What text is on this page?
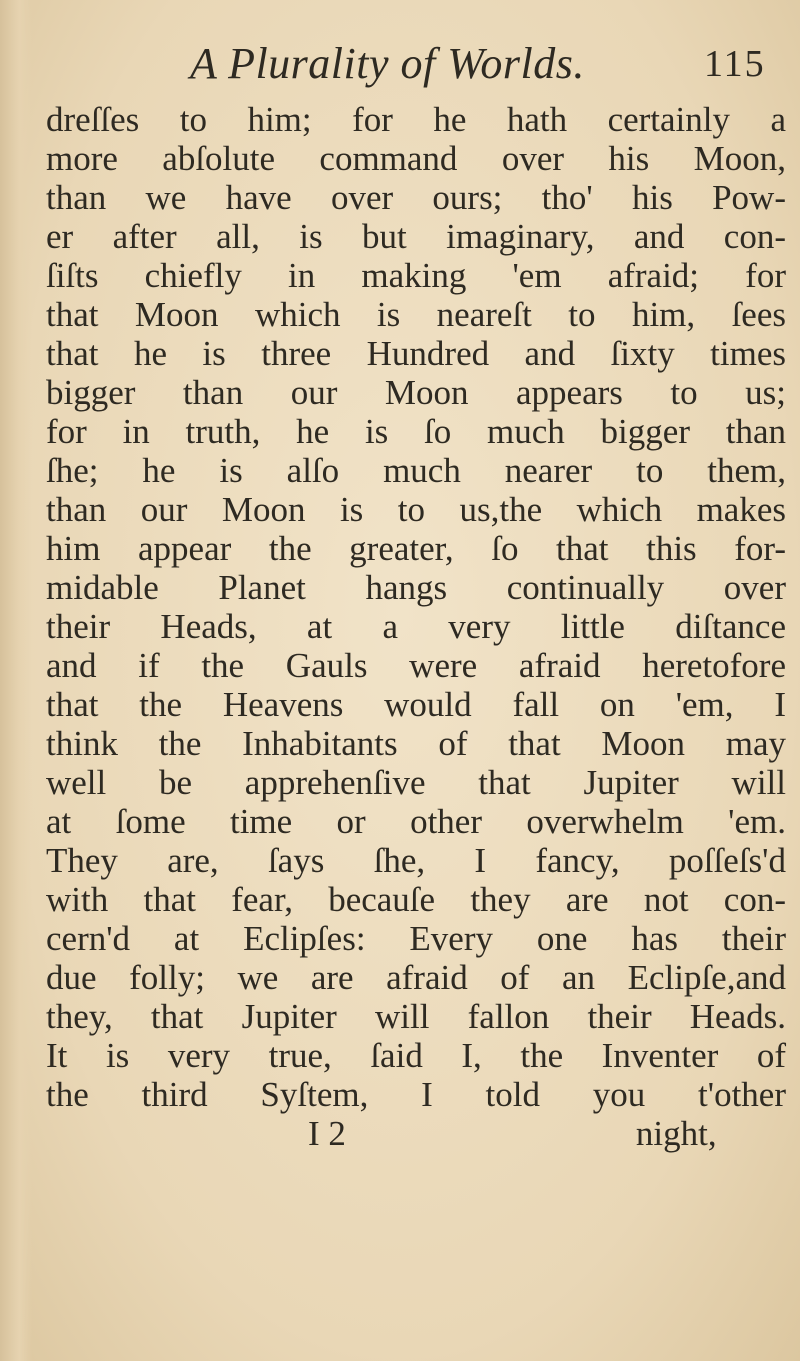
A Plurality of Worlds.	115
dreſſes to him; for he hath certainly a
more abſolute command over his Moon,
than we have over ours; tho' his Pow-
er after all, is but imaginary, and con-
ſiſts chiefly in making 'em afraid; for
that Moon which is neareſt to him, ſees
that he is three Hundred and ſixty times
bigger than our Moon appears to us;
for in truth, he is ſo much bigger than
ſhe; he is alſo much nearer to them,
than our Moon is to us,the which makes
him appear the greater, ſo that this for-
midable Planet hangs continually over
their Heads, at a very little diſtance
and if the Gauls were afraid heretofore
that the Heavens would fall on 'em, I
think the Inhabitants of that Moon may
well be apprehenſive that Jupiter will
at ſome time or other overwhelm 'em.
They are, ſays ſhe, I fancy, poſſeſs'd
with that fear, becauſe they are not con-
cern'd at Eclipſes: Every one has their
due folly; we are afraid of an Eclipſe,and
they, that Jupiter will fallon their Heads.
It is very true, ſaid I, the Inventer of
the third Syſtem, I told you t'other
I 2	night,
